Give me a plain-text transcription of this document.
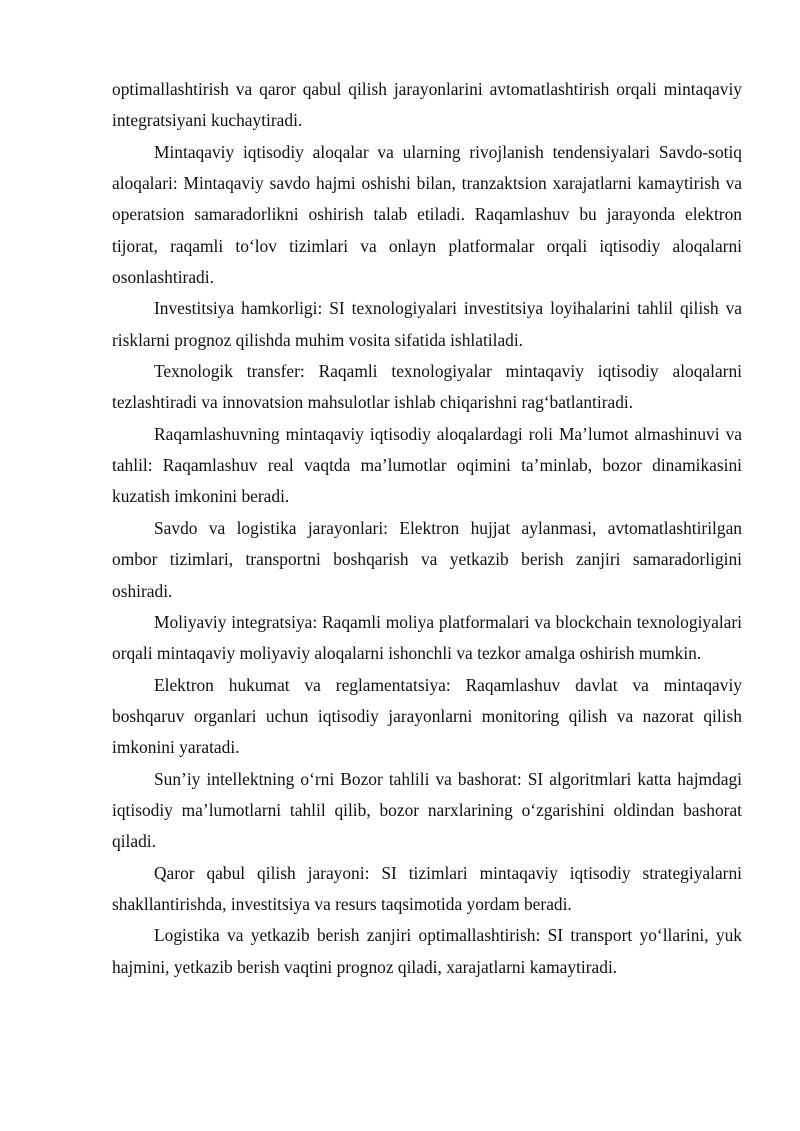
optimallashtirish va qaror qabul qilish jarayonlarini avtomatlashtirish orqali mintaqaviy integratsiyani kuchaytiradi.

Mintaqaviy iqtisodiy aloqalar va ularning rivojlanish tendensiyalari Savdo-sotiq aloqalari: Mintaqaviy savdo hajmi oshishi bilan, tranzaktsion xarajatlarni kamaytirish va operatsion samaradorlikni oshirish talab etiladi. Raqamlashuv bu jarayonda elektron tijorat, raqamli to‘lov tizimlari va onlayn platformalar orqali iqtisodiy aloqalarni osonlashtiradi.

Investitsiya hamkorligi: SI texnologiyalari investitsiya loyihalarini tahlil qilish va risklarni prognoz qilishda muhim vosita sifatida ishlatiladi.

Texnologik transfer: Raqamli texnologiyalar mintaqaviy iqtisodiy aloqalarni tezlashtiradi va innovatsion mahsulotlar ishlab chiqarishni rag‘batlantiradi.

Raqamlashuvning mintaqaviy iqtisodiy aloqalardagi roli Ma’lumot almashinuvi va tahlil: Raqamlashuv real vaqtda ma’lumotlar oqimini ta’minlab, bozor dinamikasini kuzatish imkonini beradi.

Savdo va logistika jarayonlari: Elektron hujjat aylanmasi, avtomatlashtirilgan ombor tizimlari, transportni boshqarish va yetkazib berish zanjiri samaradorligini oshiradi.

Moliyaviy integratsiya: Raqamli moliya platformalari va blockchain texnologiyalari orqali mintaqaviy moliyaviy aloqalarni ishonchli va tezkor amalga oshirish mumkin.

Elektron hukumat va reglamentatsiya: Raqamlashuv davlat va mintaqaviy boshqaruv organlari uchun iqtisodiy jarayonlarni monitoring qilish va nazorat qilish imkonini yaratadi.

Sun’iy intellektning o‘rni Bozor tahlili va bashorat: SI algoritmlari katta hajmdagi iqtisodiy ma’lumotlarni tahlil qilib, bozor narxlarining o‘zgarishini oldindan bashorat qiladi.

Qaror qabul qilish jarayoni: SI tizimlari mintaqaviy iqtisodiy strategiyalarni shakllantirishda, investitsiya va resurs taqsimotida yordam beradi.

Logistika va yetkazib berish zanjiri optimallashtirish: SI transport yo‘llarini, yuk hajmini, yetkazib berish vaqtini prognoz qiladi, xarajatlarni kamaytiradi.
